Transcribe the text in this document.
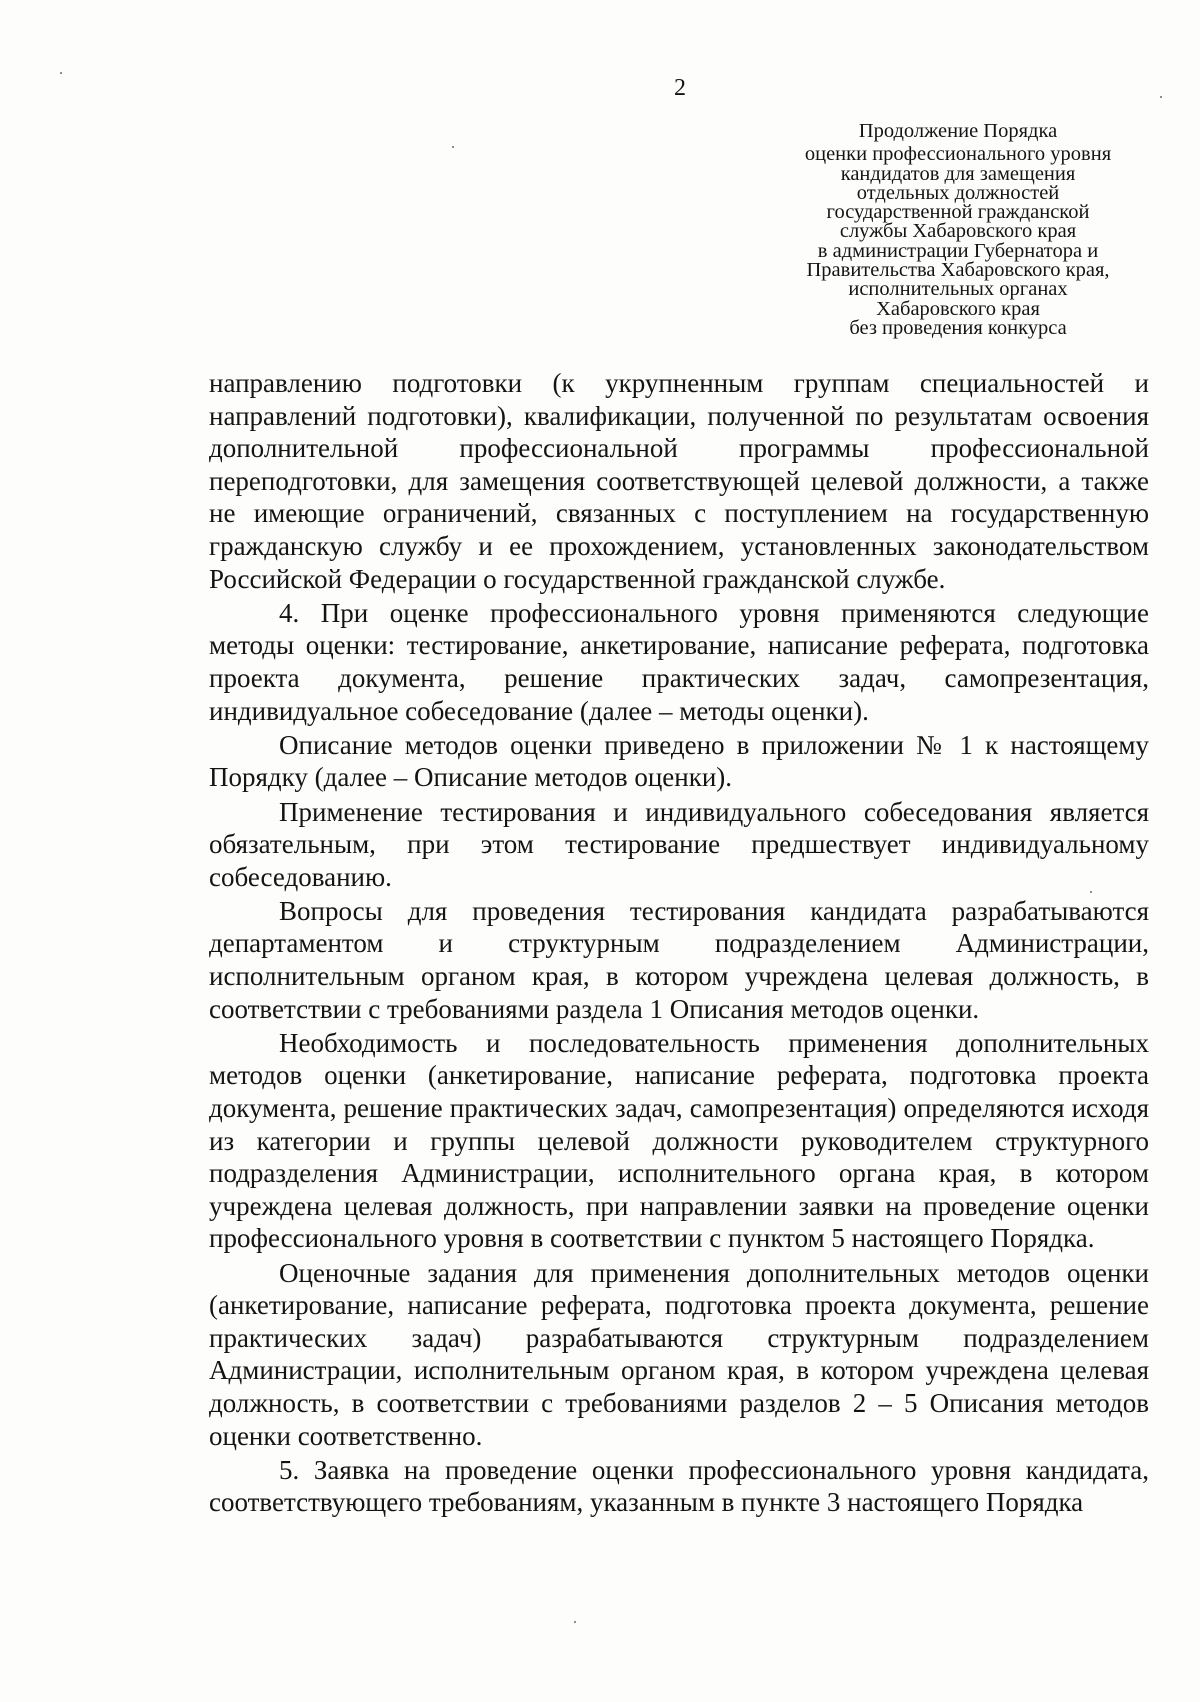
2
Продолжение Порядка
оценки профессионального уровня
кандидатов для замещения
отдельных должностей
государственной гражданской
службы Хабаровского края
в администрации Губернатора и
Правительства Хабаровского края,
исполнительных органах
Хабаровского края
без проведения конкурса

направлению подготовки (к укрупненным группам специальностей и направлений подготовки), квалификации, полученной по результатам освоения дополнительной профессиональной программы профессиональной переподготовки, для замещения соответствующей целевой должности, а также не имеющие ограничений, связанных с поступлением на государственную гражданскую службу и ее прохождением, установленных законодательством Российской Федерации о государственной гражданской службе.

4. При оценке профессионального уровня применяются следующие методы оценки: тестирование, анкетирование, написание реферата, подготовка проекта документа, решение практических задач, самопрезентация, индивидуальное собеседование (далее – методы оценки).

Описание методов оценки приведено в приложении № 1 к настоящему Порядку (далее – Описание методов оценки).

Применение тестирования и индивидуального собеседования является обязательным, при этом тестирование предшествует индивидуальному собеседованию.

Вопросы для проведения тестирования кандидата разрабатываются департаментом и структурным подразделением Администрации, исполнительным органом края, в котором учреждена целевая должность, в соответствии с требованиями раздела 1 Описания методов оценки.

Необходимость и последовательность применения дополнительных методов оценки (анкетирование, написание реферата, подготовка проекта документа, решение практических задач, самопрезентация) определяются исходя из категории и группы целевой должности руководителем структурного подразделения Администрации, исполнительного органа края, в котором учреждена целевая должность, при направлении заявки на проведение оценки профессионального уровня в соответствии с пунктом 5 настоящего Порядка.

Оценочные задания для применения дополнительных методов оценки (анкетирование, написание реферата, подготовка проекта документа, решение практических задач) разрабатываются структурным подразделением Администрации, исполнительным органом края, в котором учреждена целевая должность, в соответствии с требованиями разделов 2 – 5 Описания методов оценки соответственно.

5. Заявка на проведение оценки профессионального уровня кандидата, соответствующего требованиям, указанным в пункте 3 настоящего Порядка
